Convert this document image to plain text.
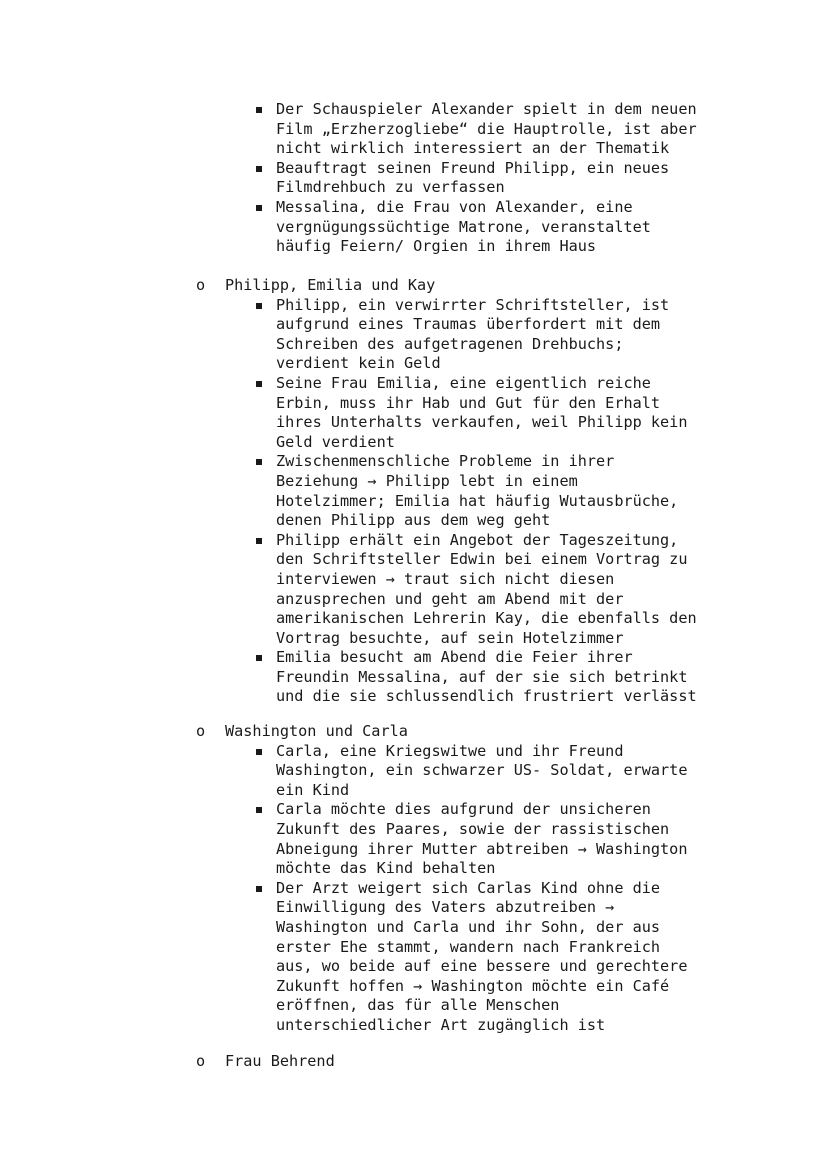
Der Schauspieler Alexander spielt in dem neuen
Film „Erzherzogliebe“ die Hauptrolle, ist aber
nicht wirklich interessiert an der Thematik
Beauftragt seinen Freund Philipp, ein neues
Filmdrehbuch zu verfassen
Messalina, die Frau von Alexander, eine
vergnügungssüchtige Matrone, veranstaltet
häufig Feiern/ Orgien in ihrem Haus
o	Philipp, Emilia und Kay
Philipp, ein verwirrter Schriftsteller, ist
aufgrund eines Traumas überfordert mit dem
Schreiben des aufgetragenen Drehbuchs;
verdient kein Geld
Seine Frau Emilia, eine eigentlich reiche
Erbin, muss ihr Hab und Gut für den Erhalt
ihres Unterhalts verkaufen, weil Philipp kein
Geld verdient
Zwischenmenschliche Probleme in ihrer
Beziehung → Philipp lebt in einem
Hotelzimmer; Emilia hat häufig Wutausbrüche,
denen Philipp aus dem weg geht
Philipp erhält ein Angebot der Tageszeitung,
den Schriftsteller Edwin bei einem Vortrag zu
interviewen → traut sich nicht diesen
anzusprechen und geht am Abend mit der
amerikanischen Lehrerin Kay, die ebenfalls den
Vortrag besuchte, auf sein Hotelzimmer
Emilia besucht am Abend die Feier ihrer
Freundin Messalina, auf der sie sich betrinkt
und die sie schlussendlich frustriert verlässt
o	Washington und Carla
Carla, eine Kriegswitwe und ihr Freund
Washington, ein schwarzer US- Soldat, erwarte
ein Kind
Carla möchte dies aufgrund der unsicheren
Zukunft des Paares, sowie der rassistischen
Abneigung ihrer Mutter abtreiben → Washington
möchte das Kind behalten
Der Arzt weigert sich Carlas Kind ohne die
Einwilligung des Vaters abzutreiben →
Washington und Carla und ihr Sohn, der aus
erster Ehe stammt, wandern nach Frankreich
aus, wo beide auf eine bessere und gerechtere
Zukunft hoffen → Washington möchte ein Café
eröffnen, das für alle Menschen
unterschiedlicher Art zugänglich ist
o	Frau Behrend
